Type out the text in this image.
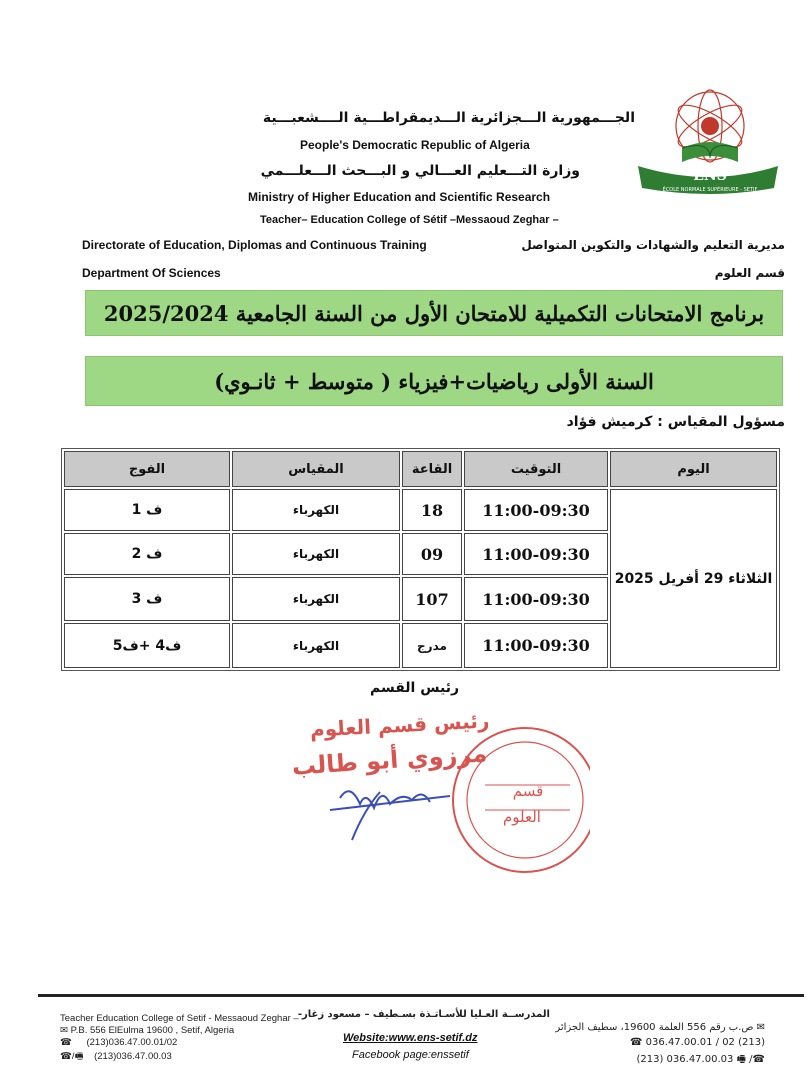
الجـــمهورية الـــجزائرية الـــديمقراطـــية الــــشعبـــية
People's Democratic Republic of Algeria
وزارة التـــعليم العـــالي و البـــحث الـــعلـــمي
Ministry of Higher Education and Scientific Research
Teacher– Education College of Sétif –Messaoud Zeghar –
Directorate of Education, Diplomas and Continuous Training	مديرية التعليم والشهادات والتكوين المتواصل
Department Of Sciences	قسم العلوم
ENS
ÉCOLE NORMALE SUPÉRIEURE - SETIF
برنامج الامتحانات التكميلية للامتحان الأول من السنة الجامعية 2025/2024
السنة الأولى رياضيات+فيزياء ( متوسط + ثانـوي)
مسؤول المقياس : كرميش فؤاد
الفوج	المقياس	القاعة	التوقيت	اليوم
الثلاثاء 29 أفريل 2025
ف 1	الكهرباء	18 11:00-09:30
ف 2	الكهرباء	09 11:00-09:30
ف 3	الكهرباء	107 11:00-09:30
ف4 +ف5	الكهرباء	مدرج 11:00-09:30
رئيس القسم
رئيس قسم العلوم
مرزوي أبو طالب
قسم
العلوم
Teacher Education College of Setif - Messaoud Zeghar –
✉ P.B. 556 ElEulma 19600 , Setif, Algeria
☎ (213)036.47.00.01/02
☎/🖷 (213)036.47.00.03
Website:www.ens-setif.dz
Facebook page:enssetif
المدرســة العـليا للأسـاتـذة بسـطيف – مسعود زغار-
✉ ص.ب رقم 556 العلمة 19600، سطيف الجزائر
☎ 036.47.00.01 / 02 (213)
(213) 036.47.00.03 🖷 /☎
